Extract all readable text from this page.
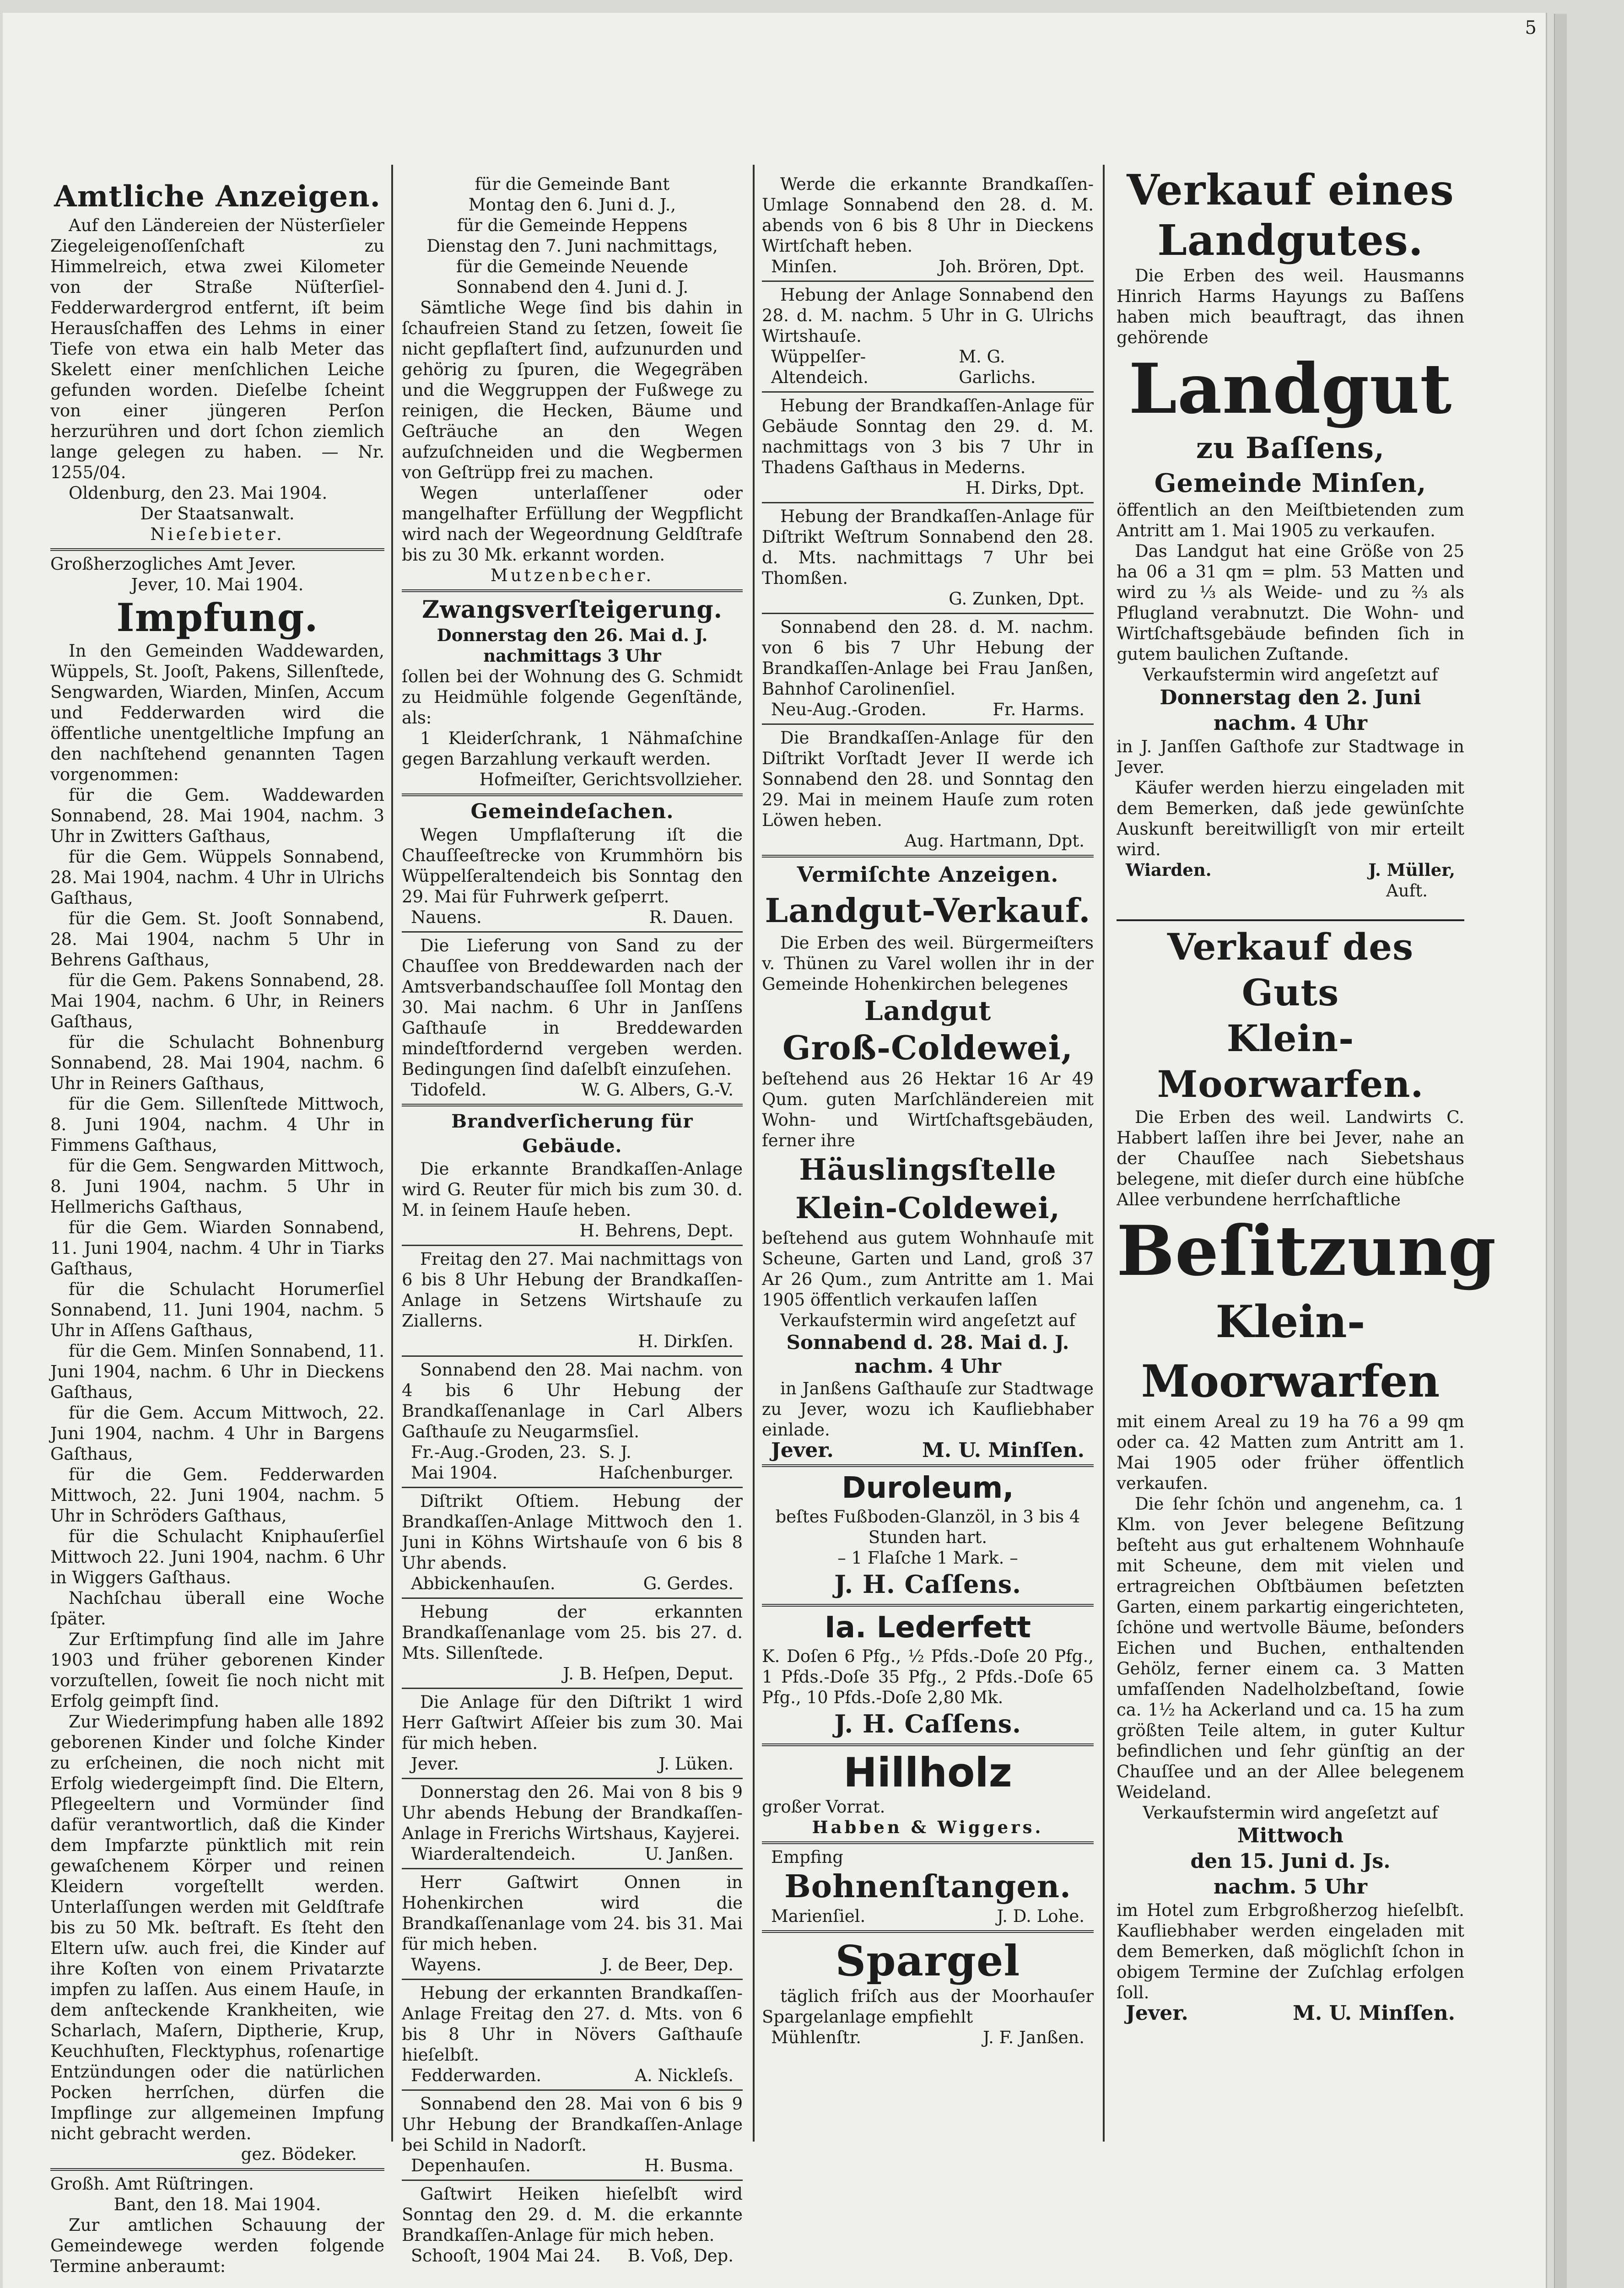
5
Amtliche Anzeigen.

Auf den Ländereien der Nüsterſieler Ziegeleigenoſſenſchaft zu Himmelreich, etwa zwei Kilometer von der Straße Nüſterſiel-Fedderwardergrod entfernt, iſt beim Herausſchaffen des Lehms in einer Tiefe von etwa ein halb Meter das Skelett einer menſchlichen Leiche gefunden worden. Dieſelbe ſcheint von einer jüngeren Perſon herzurühren und dort ſchon ziemlich lange gelegen zu haben. — Nr. 1255/04.

Oldenburg, den 23. Mai 1904.

Der Staatsanwalt.

Nieſebieter.

Großherzogliches Amt Jever.

Jever, 10. Mai 1904.

Impfung.

In den Gemeinden Waddewarden, Wüppels, St. Jooſt, Pakens, Sillenſtede, Sengwarden, Wiarden, Minſen, Accum und Fedderwarden wird die öffentliche unentgeltliche Impfung an den nachſtehend genannten Tagen vorgenommen:

für die Gem. Waddewarden Sonnabend, 28. Mai 1904, nachm. 3 Uhr in Zwitters Gaſthaus,

für die Gem. Wüppels Sonnabend, 28. Mai 1904, nachm. 4 Uhr in Ulrichs Gaſthaus,

für die Gem. St. Jooſt Sonnabend, 28. Mai 1904, nachm 5 Uhr in Behrens Gaſthaus,

für die Gem. Pakens Sonnabend, 28. Mai 1904, nachm. 6 Uhr, in Reiners Gaſthaus,

für die Schulacht Bohnenburg Sonnabend, 28. Mai 1904, nachm. 6 Uhr in Reiners Gaſthaus,

für die Gem. Sillenſtede Mittwoch, 8. Juni 1904, nachm. 4 Uhr in Fimmens Gaſthaus,

für die Gem. Sengwarden Mittwoch, 8. Juni 1904, nachm. 5 Uhr in Hellmerichs Gaſthaus,

für die Gem. Wiarden Sonnabend, 11. Juni 1904, nachm. 4 Uhr in Tiarks Gaſthaus,

für die Schulacht Horumerſiel Sonnabend, 11. Juni 1904, nachm. 5 Uhr in Aſſens Gaſthaus,

für die Gem. Minſen Sonnabend, 11. Juni 1904, nachm. 6 Uhr in Dieckens Gaſthaus,

für die Gem. Accum Mittwoch, 22. Juni 1904, nachm. 4 Uhr in Bargens Gaſthaus,

für die Gem. Fedderwarden Mittwoch, 22. Juni 1904, nachm. 5 Uhr in Schröders Gaſthaus,

für die Schulacht Kniphauſerſiel Mittwoch 22. Juni 1904, nachm. 6 Uhr in Wiggers Gaſthaus.

Nachſchau überall eine Woche ſpäter.

Zur Erſtimpfung ſind alle im Jahre 1903 und früher geborenen Kinder vorzuſtellen, ſoweit ſie noch nicht mit Erfolg geimpft ſind.

Zur Wiederimpfung haben alle 1892 geborenen Kinder und ſolche Kinder zu erſcheinen, die noch nicht mit Erfolg wiedergeimpft ſind. Die Eltern, Pflegeeltern und Vormünder ſind dafür verantwortlich, daß die Kinder dem Impfarzte pünktlich mit rein gewaſchenem Körper und reinen Kleidern vorgeſtellt werden. Unterlaſſungen werden mit Geldſtrafe bis zu 50 Mk. beſtraft. Es ſteht den Eltern uſw. auch frei, die Kinder auf ihre Koſten von einem Privatarzte impfen zu laſſen. Aus einem Hauſe, in dem anſteckende Krankheiten, wie Scharlach, Maſern, Diptherie, Krup, Keuchhuſten, Flecktyphus, roſenartige Entzündungen oder die natürlichen Pocken herrſchen, dürfen die Impflinge zur allgemeinen Impfung nicht gebracht werden.

gez. Bödeker.

Großh. Amt Rüſtringen.

Bant, den 18. Mai 1904.

Zur amtlichen Schauung der Gemeindewege werden folgende Termine anberaumt:

für die Gemeinde Bant

Montag den 6. Juni d. J.,

für die Gemeinde Heppens

Dienstag den 7. Juni nachmittags,

für die Gemeinde Neuende

Sonnabend den 4. Juni d. J.

Sämtliche Wege ſind bis dahin in ſchaufreien Stand zu ſetzen, ſoweit ſie nicht gepflaſtert ſind, aufzunurden und gehörig zu ſpuren, die Wegegräben und die Weggruppen der Fußwege zu reinigen, die Hecken, Bäume und Geſträuche an den Wegen aufzuſchneiden und die Wegbermen von Geſtrüpp frei zu machen.

Wegen unterlaſſener oder mangelhafter Erfüllung der Wegpflicht wird nach der Wegeordnung Geldſtrafe bis zu 30 Mk. erkannt worden.

Mutzenbecher.

Zwangsverſteigerung.

Donnerstag den 26. Mai d. J. nachmittags 3 Uhr

ſollen bei der Wohnung des G. Schmidt zu Heidmühle folgende Gegenſtände, als:

1 Kleiderſchrank, 1 Nähmaſchine gegen Barzahlung verkauft werden.

Hofmeiſter, Gerichtsvollzieher.

Gemeindeſachen.

Wegen Umpflaſterung iſt die Chauſſeeſtrecke von Krummhörn bis Wüppelſeraltendeich bis Sonntag den 29. Mai für Fuhrwerk geſperrt.

Nauens.	R. Dauen.

Die Lieferung von Sand zu der Chauſſee von Breddewarden nach der Amtsverbandschauſſee ſoll Montag den 30. Mai nachm. 6 Uhr in Janſſens Gaſthauſe in Breddewarden mindeſtfordernd vergeben werden. Bedingungen ſind daſelbſt einzuſehen.

Tidofeld.	W. G. Albers, G.-V.
Brandverſicherung für Gebäude.

Die erkannte Brandkaſſen-Anlage wird G. Reuter für mich bis zum 30. d. M. in ſeinem Hauſe heben.

H. Behrens, Dept.

Freitag den 27. Mai nachmittags von 6 bis 8 Uhr Hebung der Brandkaſſen-Anlage in Setzens Wirtshauſe zu Ziallerns.

H. Dirkſen.

Sonnabend den 28. Mai nachm. von 4 bis 6 Uhr Hebung der Brandkaſſenanlage in Carl Albers Gaſthauſe zu Neugarmsſiel.

Fr.-Aug.-Groden, 23. Mai 1904.
S. J. Haſchenburger.

Diſtrikt Oſtiem. Hebung der Brandkaſſen-Anlage Mittwoch den 1. Juni in Köhns Wirtshauſe von 6 bis 8 Uhr abends.

Abbickenhauſen.	G. Gerdes.

Hebung der erkannten Brandkaſſenanlage vom 25. bis 27. d. Mts. Sillenſtede.

J. B. Heſpen, Deput.

Die Anlage für den Diſtrikt 1 wird Herr Gaſtwirt Aſſeier bis zum 30. Mai für mich heben.

Jever.	J. Lüken.

Donnerstag den 26. Mai von 8 bis 9 Uhr abends Hebung der Brandkaſſen-Anlage in Frerichs Wirtshaus, Kayjerei.

Wiarderaltendeich.	U. Janßen.

Herr Gaſtwirt Onnen in Hohenkirchen wird die Brandkaſſenanlage vom 24. bis 31. Mai für mich heben.

Wayens.	J. de Beer, Dep.

Hebung der erkannten Brandkaſſen-Anlage Freitag den 27. d. Mts. von 6 bis 8 Uhr in Növers Gaſthauſe hieſelbſt.

Fedderwarden.	A. Nickleſs.

Sonnabend den 28. Mai von 6 bis 9 Uhr Hebung der Brandkaſſen-Anlage bei Schild in Nadorſt.

Depenhauſen.	H. Busma.

Gaſtwirt Heiken hieſelbſt wird Sonntag den 29. d. M. die erkannte Brandkaſſen-Anlage für mich heben.

Schooſt, 1904 Mai 24. B. Voß, Dep.

Werde die erkannte Brandkaſſen-Umlage Sonnabend den 28. d. M. abends von 6 bis 8 Uhr in Dieckens Wirtſchaft heben.

Minſen.	Joh. Brören, Dpt.

Hebung der Anlage Sonnabend den 28. d. M. nachm. 5 Uhr in G. Ulrichs Wirtshauſe.

Wüppelſer-Altendeich.
M. G. Garlichs.

Hebung der Brandkaſſen-Anlage für Gebäude Sonntag den 29. d. M. nachmittags von 3 bis 7 Uhr in Thadens Gaſthaus in Mederns.

H. Dirks, Dpt.

Hebung der Brandkaſſen-Anlage für Diſtrikt Weſtrum Sonnabend den 28. d. Mts. nachmittags 7 Uhr bei Thomßen.

G. Zunken, Dpt.

Sonnabend den 28. d. M. nachm. von 6 bis 7 Uhr Hebung der Brandkaſſen-Anlage bei Frau Janßen, Bahnhof Carolinenſiel.

Neu-Aug.-Groden.	Fr. Harms.

Die Brandkaſſen-Anlage für den Diſtrikt Vorſtadt Jever II werde ich Sonnabend den 28. und Sonntag den 29. Mai in meinem Hauſe zum roten Löwen heben.

Aug. Hartmann, Dpt.
Vermiſchte Anzeigen.
Landgut-Verkauf.

Die Erben des weil. Bürgermeiſters v. Thünen zu Varel wollen ihr in der Gemeinde Hohenkirchen belegenes

Landgut
Groß-Coldewei,

beſtehend aus 26 Hektar 16 Ar 49 Qum. guten Marſchländereien mit Wohn- und Wirtſchaftsgebäuden, ferner ihre

Häuslingsſtelle
Klein-Coldewei,

beſtehend aus gutem Wohnhauſe mit Scheune, Garten und Land, groß 37 Ar 26 Qum., zum Antritte am 1. Mai 1905 öffentlich verkaufen laſſen

Verkaufstermin wird angeſetzt auf

Sonnabend d. 28. Mai d. J. nachm. 4 Uhr

in Janßens Gaſthauſe zur Stadtwage zu Jever, wozu ich Kaufliebhaber einlade.

Jever.	M. U. Minſſen.
Duroleum,

beſtes Fußboden-Glanzöl, in 3 bis 4 Stunden hart.

– 1 Flaſche 1 Mark. –

J. H. Caſſens.
Ia. Lederfett

K. Doſen 6 Pfg., ½ Pfds.-Doſe 20 Pfg., 1 Pfds.-Doſe 35 Pfg., 2 Pfds.-Doſe 65 Pfg., 10 Pfds.-Doſe 2,80 Mk.

J. H. Caſſens.
Hillholz

großer Vorrat.

Habben & Wiggers.

Empfing

Bohnenſtangen.
Marienſiel.	J. D. Lohe.
Spargel

täglich friſch aus der Moorhauſer Spargelanlage empfiehlt

Mühlenſtr.	J. F. Janßen.
Verkauf eines
Landgutes.

Die Erben des weil. Hausmanns Hinrich Harms Hayungs zu Baſſens haben mich beauftragt, das ihnen gehörende

Landgut
zu Baſſens,
Gemeinde Minſen,

öffentlich an den Meiſtbietenden zum Antritt am 1. Mai 1905 zu verkaufen.

Das Landgut hat eine Größe von 25 ha 06 a 31 qm = plm. 53 Matten und wird zu ⅓ als Weide- und zu ⅔ als Pflugland verabnutzt. Die Wohn- und Wirtſchaftsgebäude befinden ſich in gutem baulichen Zuſtande.

Verkaufstermin wird angeſetzt auf

Donnerstag den 2. Juni

nachm. 4 Uhr

in J. Janſſen Gaſthofe zur Stadtwage in Jever.

Käufer werden hierzu eingeladen mit dem Bemerken, daß jede gewünſchte Auskunft bereitwilligſt von mir erteilt wird.

Wiarden.	J. Müller,

Auft.

Verkauf des Guts
Klein-Moorwarfen.

Die Erben des weil. Landwirts C. Habbert laſſen ihre bei Jever, nahe an der Chauſſee nach Siebetshaus belegene, mit dieſer durch eine hübſche Allee verbundene herrſchaftliche

Beſitzung
Klein-Moorwarfen

mit einem Areal zu 19 ha 76 a 99 qm oder ca. 42 Matten zum Antritt am 1. Mai 1905 oder früher öffentlich verkaufen.

Die ſehr ſchön und angenehm, ca. 1 Klm. von Jever belegene Beſitzung beſteht aus gut erhaltenem Wohnhauſe mit Scheune, dem mit vielen und ertragreichen Obſtbäumen beſetzten Garten, einem parkartig eingerichteten, ſchöne und wertvolle Bäume, beſonders Eichen und Buchen, enthaltenden Gehölz, ferner einem ca. 3 Matten umfaſſenden Nadelholzbeſtand, ſowie ca. 1½ ha Ackerland und ca. 15 ha zum größten Teile altem, in guter Kultur befindlichen und ſehr günſtig an der Chauſſee und an der Allee belegenem Weideland.

Verkaufstermin wird angeſetzt auf

Mittwoch

den 15. Juni d. Js.

nachm. 5 Uhr

im Hotel zum Erbgroßherzog hieſelbſt. Kaufliebhaber werden eingeladen mit dem Bemerken, daß möglichſt ſchon in obigem Termine der Zuſchlag erfolgen ſoll.

Jever.	M. U. Minſſen.
